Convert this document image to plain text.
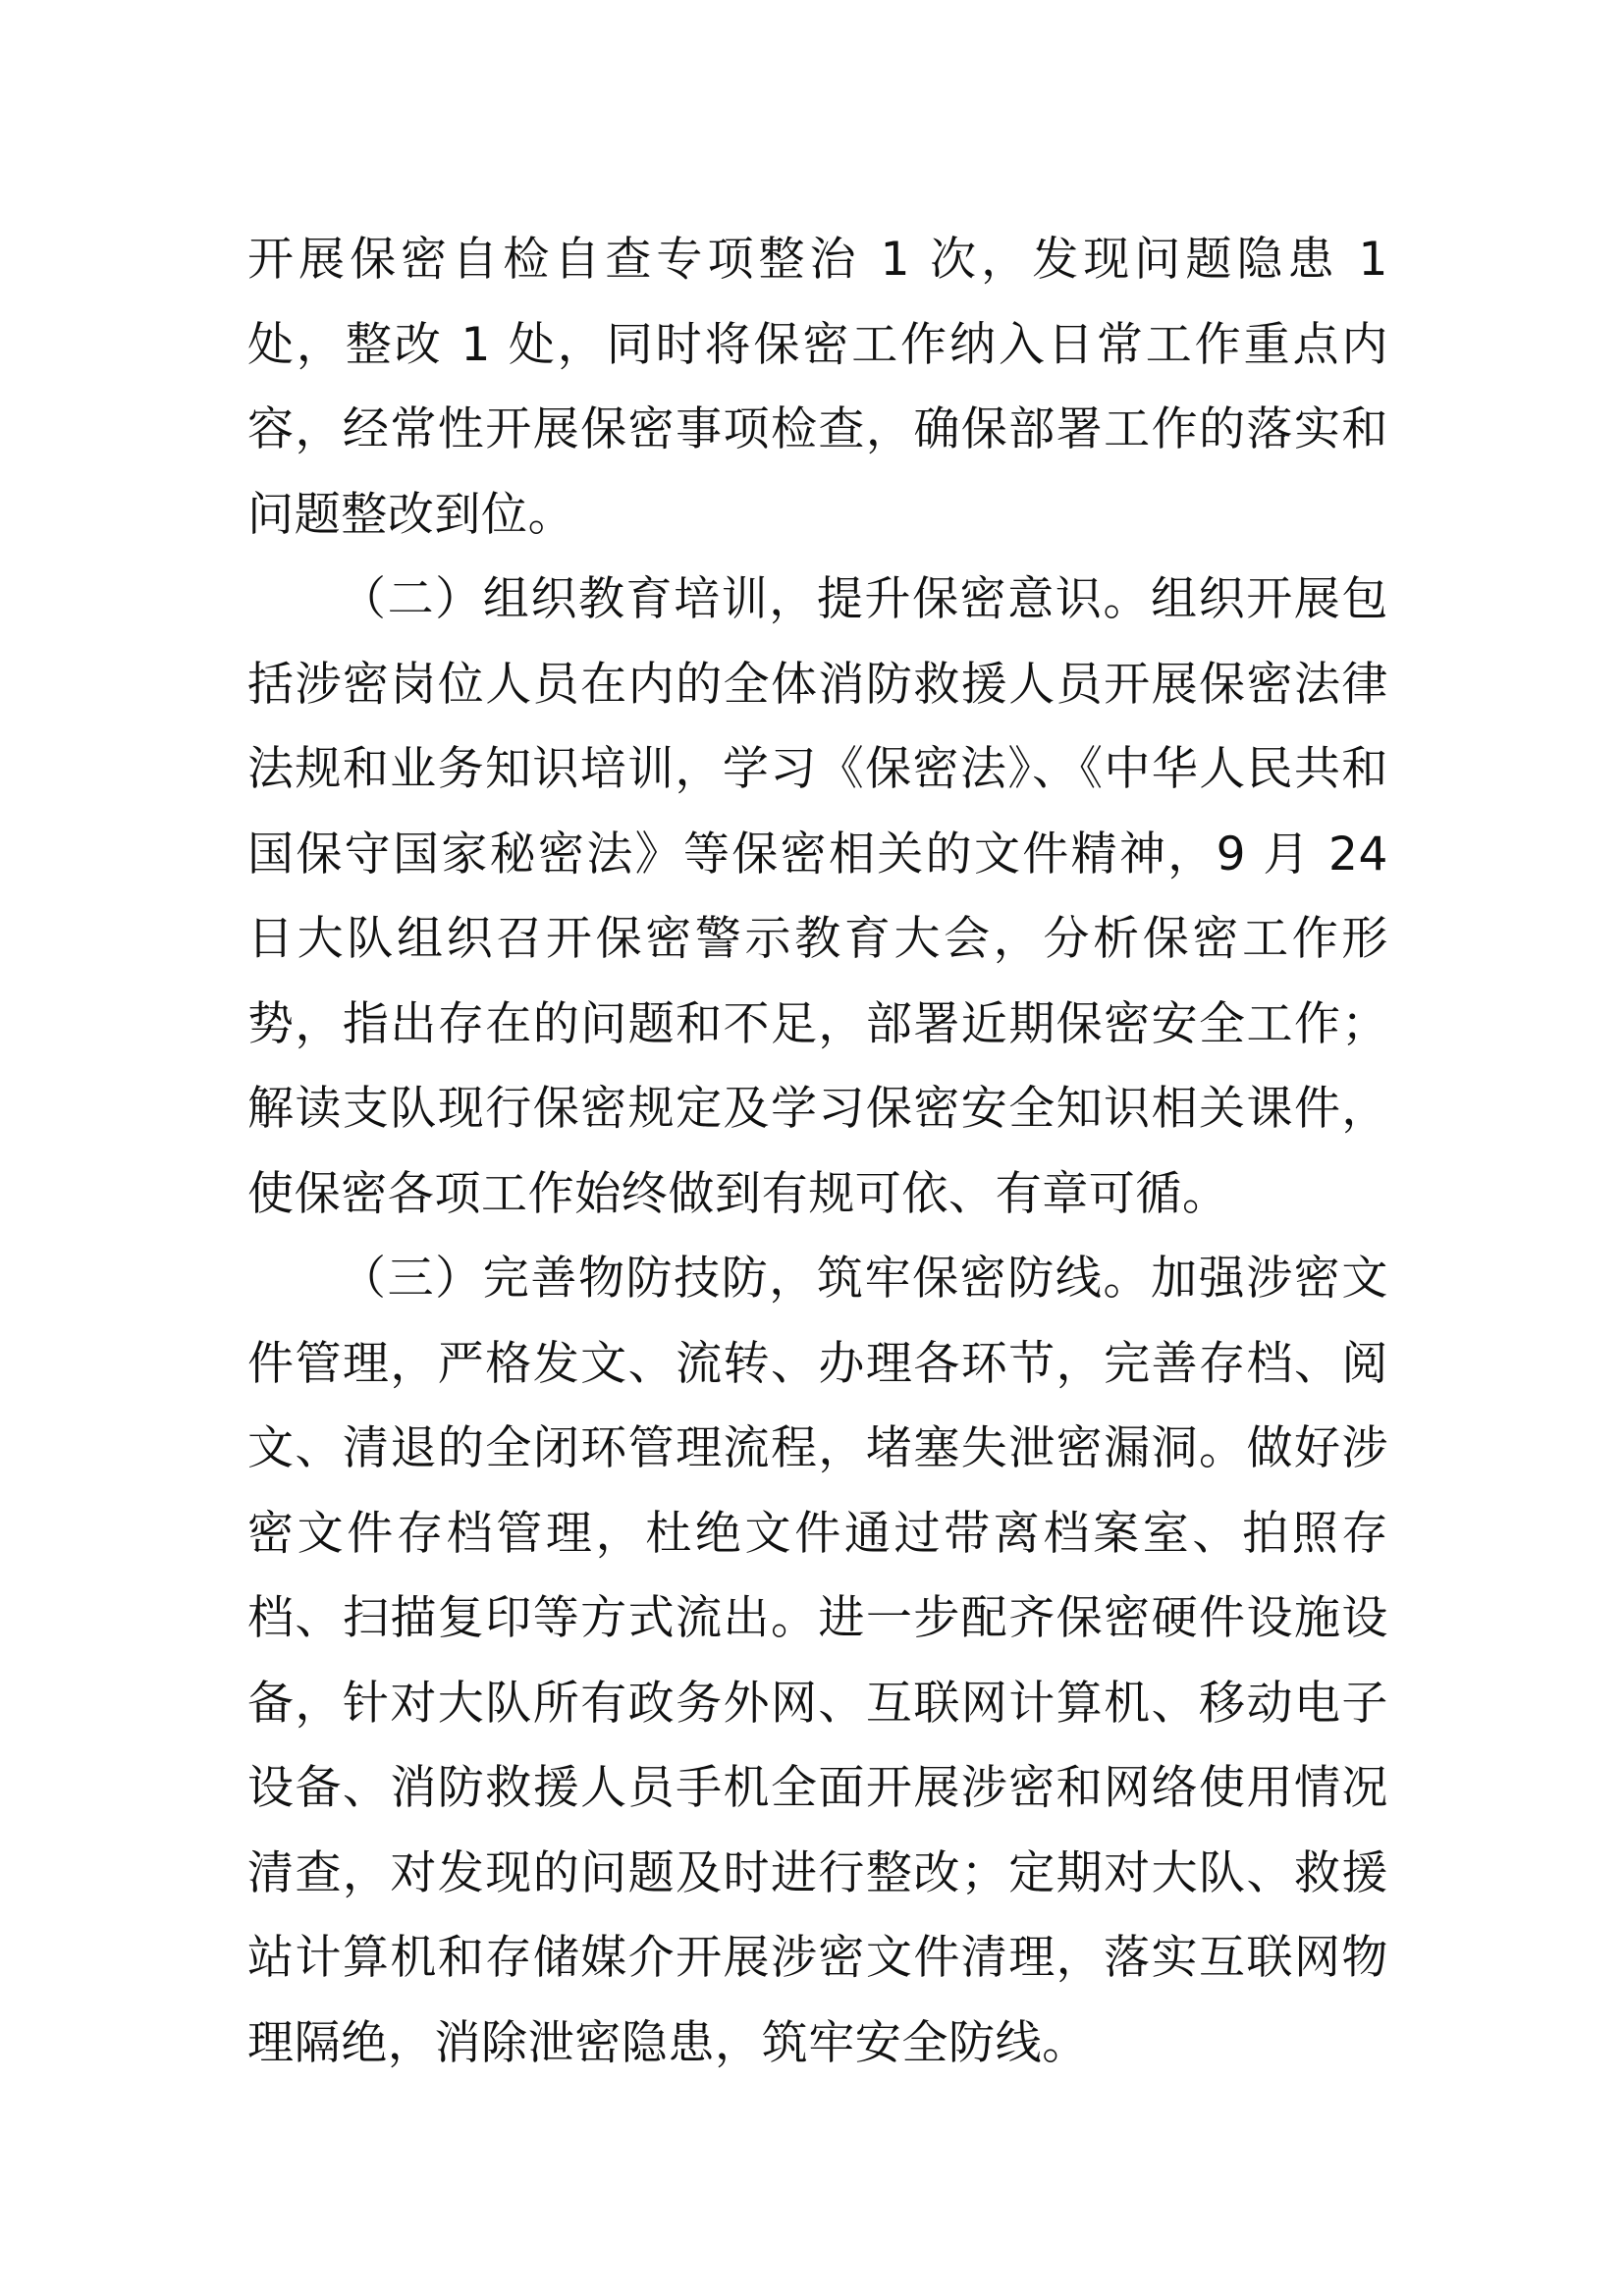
开展保密自检自查专项整治 1 次，发现问题隐患 1 处，整改 1 处，同时将保密工作纳入日常工作重点内容，经常性开展保密事项检查，确保部署工作的落实和问题整改到位。

（二）组织教育培训，提升保密意识。组织开展包括涉密岗位人员在内的全体消防救援人员开展保密法律法规和业务知识培训，学习《保密法》、《中华人民共和国保守国家秘密法》等保密相关的文件精神，9 月 24 日大队组织召开保密警示教育大会，分析保密工作形势，指出存在的问题和不足，部署近期保密安全工作；解读支队现行保密规定及学习保密安全知识相关课件，使保密各项工作始终做到有规可依、有章可循。

（三）完善物防技防，筑牢保密防线。加强涉密文件管理，严格发文、流转、办理各环节，完善存档、阅文、清退的全闭环管理流程，堵塞失泄密漏洞。做好涉密文件存档管理，杜绝文件通过带离档案室、拍照存档、扫描复印等方式流出。进一步配齐保密硬件设施设备，针对大队所有政务外网、互联网计算机、移动电子设备、消防救援人员手机全面开展涉密和网络使用情况清查，对发现的问题及时进行整改；定期对大队、救援站计算机和存储媒介开展涉密文件清理，落实互联网物理隔绝，消除泄密隐患，筑牢安全防线。
